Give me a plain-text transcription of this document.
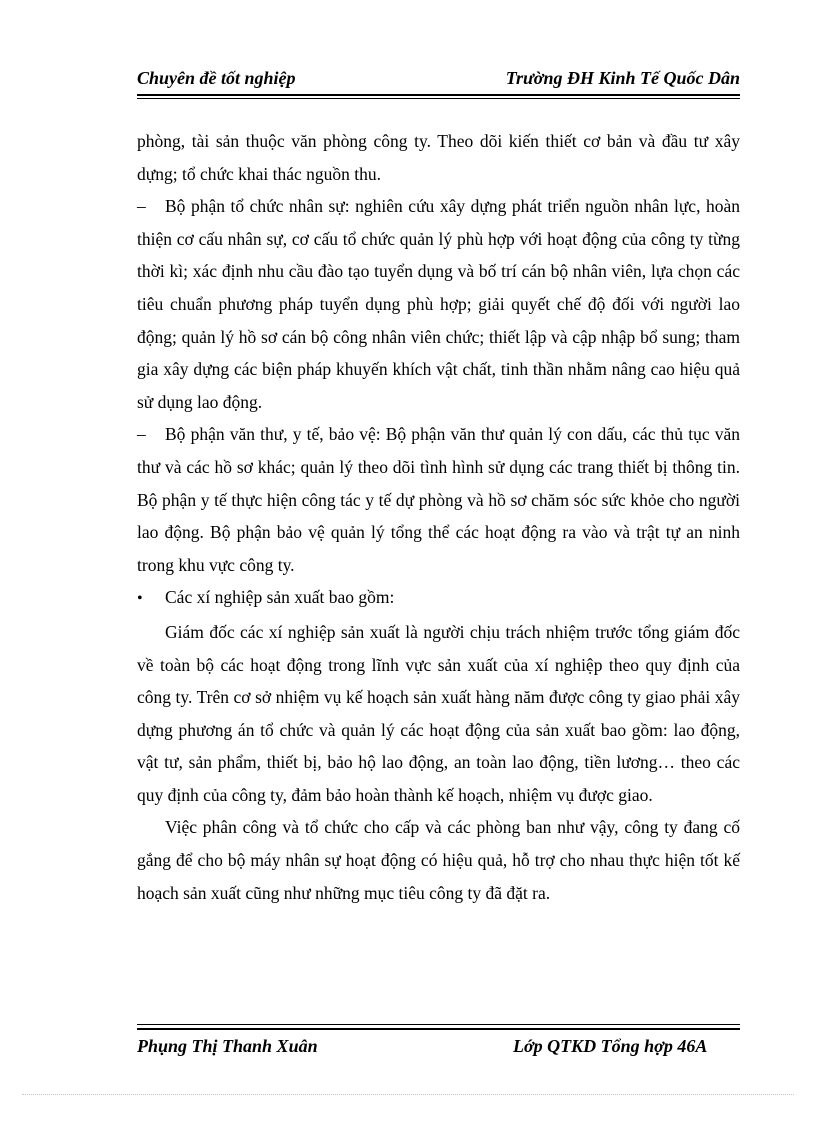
Chuyên đề tốt nghiệp	Trường ĐH Kinh Tế Quốc Dân

phòng, tài sản thuộc văn phòng công ty. Theo dõi kiến thiết cơ bản và đầu tư xây dựng; tổ chức khai thác nguồn thu.

– Bộ phận tổ chức nhân sự: nghiên cứu xây dựng phát triển nguồn nhân lực, hoàn thiện cơ cấu nhân sự, cơ cấu tổ chức quản lý phù hợp với hoạt động của công ty từng thời kì; xác định nhu cầu đào tạo tuyển dụng và bố trí cán bộ nhân viên, lựa chọn các tiêu chuẩn phương pháp tuyển dụng phù hợp; giải quyết chế độ đối với người lao động; quản lý hồ sơ cán bộ công nhân viên chức; thiết lập và cập nhập bổ sung; tham gia xây dựng các biện pháp khuyến khích vật chất, tinh thần nhằm nâng cao hiệu quả sử dụng lao động.

– Bộ phận văn thư, y tế, bảo vệ: Bộ phận văn thư quản lý con dấu, các thủ tục văn thư và các hồ sơ khác; quản lý theo dõi tình hình sử dụng các trang thiết bị thông tin. Bộ phận y tế thực hiện công tác y tế dự phòng và hồ sơ chăm sóc sức khỏe cho người lao động. Bộ phận bảo vệ quản lý tổng thể các hoạt động ra vào và trật tự an ninh trong khu vực công ty.

• Các xí nghiệp sản xuất bao gồm:

Giám đốc các xí nghiệp sản xuất là người chịu trách nhiệm trước tổng giám đốc về toàn bộ các hoạt động trong lĩnh vực sản xuất của xí nghiệp theo quy định của công ty. Trên cơ sở nhiệm vụ kế hoạch sản xuất hàng năm được công ty giao phải xây dựng phương án tổ chức và quản lý các hoạt động của sản xuất bao gồm: lao động, vật tư, sản phẩm, thiết bị, bảo hộ lao động, an toàn lao động, tiền lương… theo các quy định của công ty, đảm bảo hoàn thành kế hoạch, nhiệm vụ được giao.

Việc phân công và tổ chức cho cấp và các phòng ban như vậy, công ty đang cố gắng để cho bộ máy nhân sự hoạt động có hiệu quả, hỗ trợ cho nhau thực hiện tốt kế hoạch sản xuất cũng như những mục tiêu công ty đã đặt ra.

Phụng Thị Thanh Xuân	Lớp QTKD Tổng hợp 46A
